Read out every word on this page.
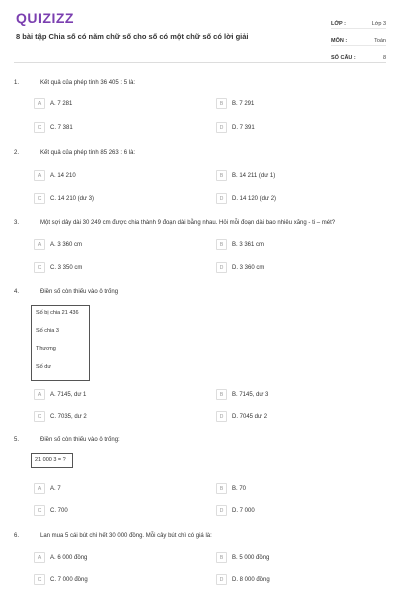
QUIZIZZ
8 bài tập Chia số có năm chữ số cho số có một chữ số có lời giải
LỚP :	Lớp 3
MÔN :	Toán
SỐ CÂU :	8
1.	Kết quả của phép tính 36 405 : 5 là:
A	A. 7 281	B	B. 7 291
C	C. 7 381	D	D. 7 391
2.	Kết quả của phép tính 85 263 : 6 là:
A	A. 14 210	B	B. 14 211 (dư 1)
C	C. 14 210 (dư 3)	D	D. 14 120 (dư 2)
3.	Một sợi dây dài 30 249 cm được chia thành 9 đoạn dài bằng nhau. Hỏi mỗi đoạn dài bao nhiêu xăng - ti – mét?
A	A. 3 360 cm	B	B. 3 361 cm
C	C. 3 350 cm	D	D. 3 360 cm
4.	Điền số còn thiếu vào ô trống
Số bị chia 21 436
Số chia 3
Thương
Số dư
A	A. 7145, dư 1	B	B. 7145, dư 3
C	C. 7035, dư 2	D	D. 7045 dư 2
5.	Điền số còn thiếu vào ô trống:
21 000 3 = ?
A	A. 7	B	B. 70
C	C. 700	D	D. 7 000
6.	Lan mua 5 cái bút chì hết 30 000 đồng. Mỗi cây bút chì có giá là:
A	A. 6 000 đồng	B	B. 5 000 đồng
C	C. 7 000 đồng	D	D. 8 000 đồng
